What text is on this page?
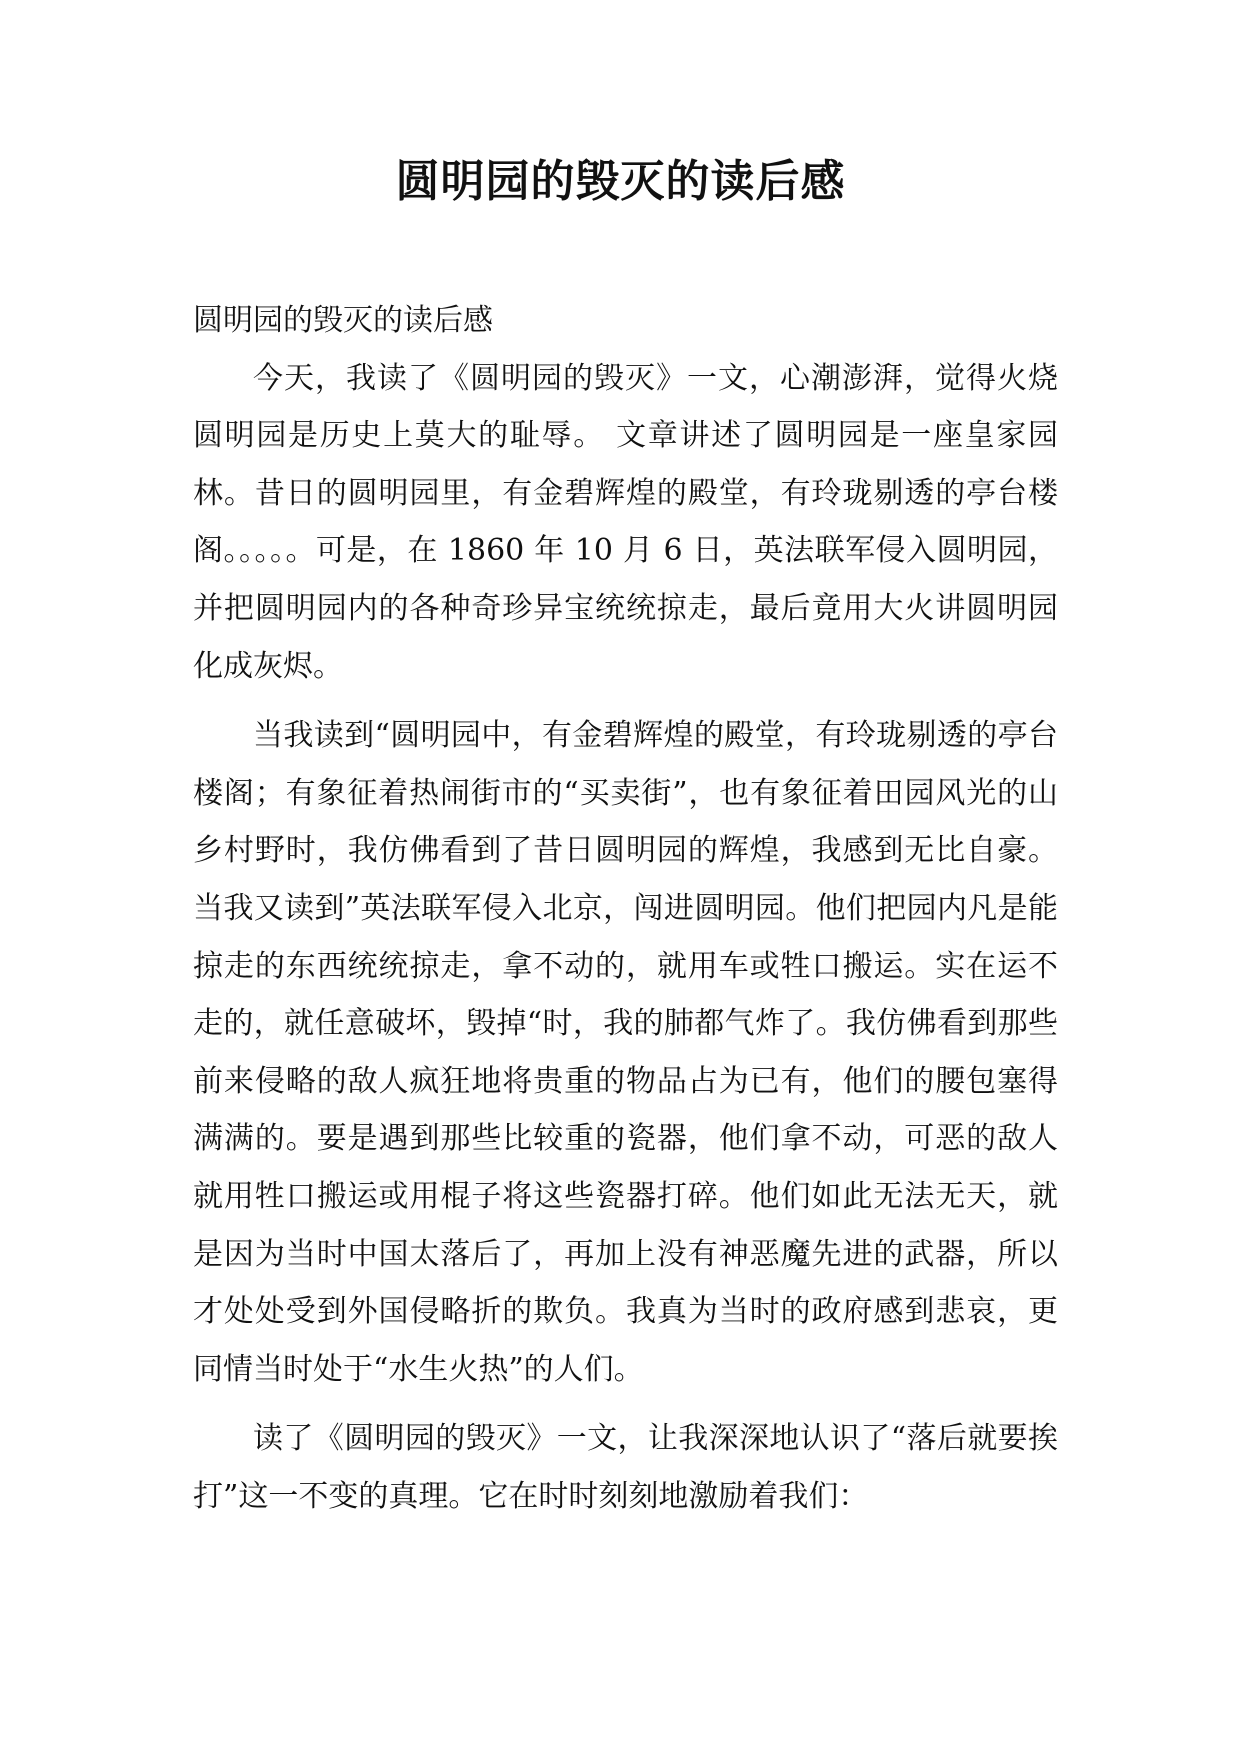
圆明园的毁灭的读后感

圆明园的毁灭的读后感

今天，我读了《圆明园的毁灭》一文，心潮澎湃，觉得火烧圆明园是历史上莫大的耻辱。 文章讲述了圆明园是一座皇家园林。昔日的圆明园里，有金碧辉煌的殿堂，有玲珑剔透的亭台楼阁。。。。。可是，在 1860 年 10 月 6 日，英法联军侵入圆明园，并把圆明园内的各种奇珍异宝统统掠走，最后竟用大火讲圆明园化成灰烬。

当我读到“圆明园中，有金碧辉煌的殿堂，有玲珑剔透的亭台楼阁；有象征着热闹街市的“买卖街”，也有象征着田园风光的山乡村野时，我仿佛看到了昔日圆明园的辉煌，我感到无比自豪。 当我又读到”英法联军侵入北京，闯进圆明园。他们把园内凡是能掠走的东西统统掠走，拿不动的，就用车或牲口搬运。实在运不走的，就任意破坏，毁掉“时，我的肺都气炸了。我仿佛看到那些前来侵略的敌人疯狂地将贵重的物品占为已有，他们的腰包塞得满满的。要是遇到那些比较重的瓷器，他们拿不动，可恶的敌人就用牲口搬运或用棍子将这些瓷器打碎。他们如此无法无天，就是因为当时中国太落后了，再加上没有神恶魔先进的武器，所以才处处受到外国侵略折的欺负。我真为当时的政府感到悲哀，更同情当时处于“水生火热”的人们。

读了《圆明园的毁灭》一文，让我深深地认识了“落后就要挨打”这一不变的真理。它在时时刻刻地激励着我们：
